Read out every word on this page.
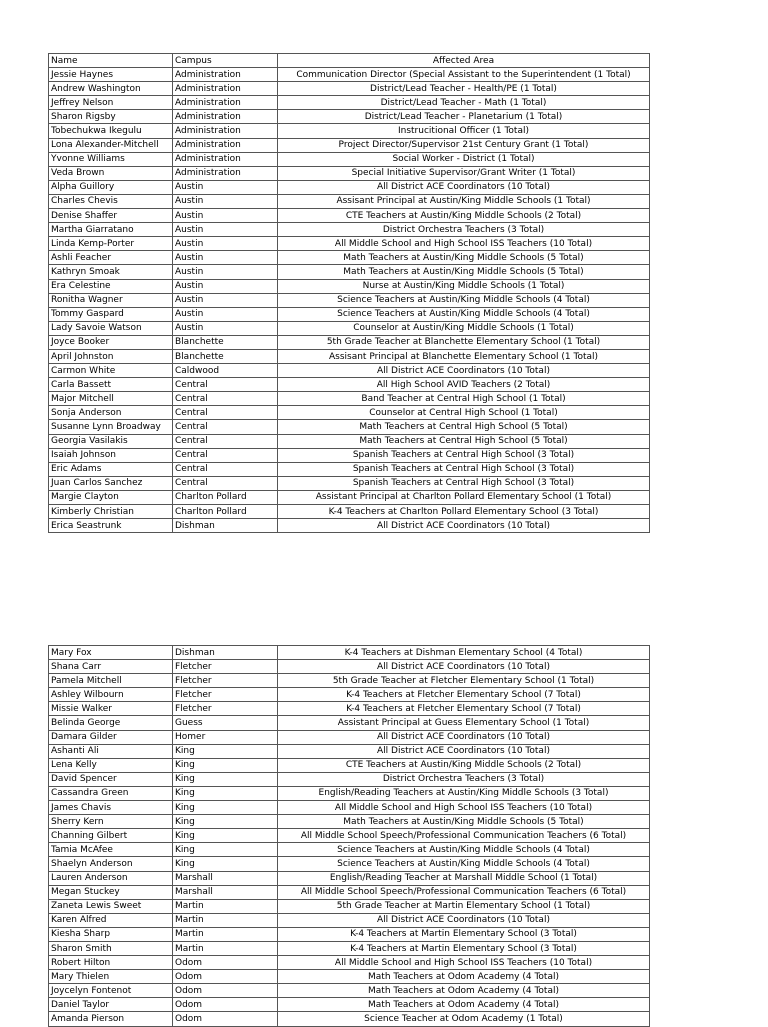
Name	Campus	Affected Area
Jessie Haynes	Administration	Communication Director (Special Assistant to the Superintendent (1 Total)
Andrew Washington	Administration	District/Lead Teacher - Health/PE (1 Total)
Jeffrey Nelson	Administration	District/Lead Teacher - Math (1 Total)
Sharon Rigsby	Administration	District/Lead Teacher - Planetarium (1 Total)
Tobechukwa Ikegulu	Administration	Instrucitional Officer (1 Total)
Lona Alexander-Mitchell	Administration	Project Director/Supervisor 21st Century Grant (1 Total)
Yvonne Williams	Administration	Social Worker - District (1 Total)
Veda Brown	Administration	Special Initiative Supervisor/Grant Writer (1 Total)
Alpha Guillory	Austin	All District ACE Coordinators (10 Total)
Charles Chevis	Austin	Assisant Principal at Austin/King Middle Schools (1 Total)
Denise Shaffer	Austin	CTE Teachers at Austin/King Middle Schools (2 Total)
Martha Giarratano	Austin	District Orchestra Teachers (3 Total)
Linda Kemp-Porter	Austin	All Middle School and High School ISS Teachers (10 Total)
Ashli Feacher	Austin	Math Teachers at Austin/King Middle Schools (5 Total)
Kathryn Smoak	Austin	Math Teachers at Austin/King Middle Schools (5 Total)
Era Celestine	Austin	Nurse at Austin/King Middle Schools (1 Total)
Ronitha Wagner	Austin	Science Teachers at Austin/King Middle Schools (4 Total)
Tommy Gaspard	Austin	Science Teachers at Austin/King Middle Schools (4 Total)
Lady Savoie Watson	Austin	Counselor at Austin/King Middle Schools (1 Total)
Joyce Booker	Blanchette	5th Grade Teacher at Blanchette Elementary School (1 Total)
April Johnston	Blanchette	Assisant Principal at Blanchette Elementary School (1 Total)
Carmon White	Caldwood	All District ACE Coordinators (10 Total)
Carla Bassett	Central	All High School AVID Teachers (2 Total)
Major Mitchell	Central	Band Teacher at Central High School (1 Total)
Sonja Anderson	Central	Counselor at Central High School (1 Total)
Susanne Lynn Broadway	Central	Math Teachers at Central High School (5 Total)
Georgia Vasilakis	Central	Math Teachers at Central High School (5 Total)
Isaiah Johnson	Central	Spanish Teachers at Central High School (3 Total)
Eric Adams	Central	Spanish Teachers at Central High School (3 Total)
Juan Carlos Sanchez	Central	Spanish Teachers at Central High School (3 Total)
Margie Clayton	Charlton Pollard	Assistant Principal at Charlton Pollard Elementary School (1 Total)
Kimberly Christian	Charlton Pollard	K-4 Teachers at Charlton Pollard Elementary School (3 Total)
Erica Seastrunk	Dishman	All District ACE Coordinators (10 Total)
Mary Fox	Dishman	K-4 Teachers at Dishman Elementary School (4 Total)
Shana Carr	Fletcher	All District ACE Coordinators (10 Total)
Pamela Mitchell	Fletcher	5th Grade Teacher at Fletcher Elementary School (1 Total)
Ashley Wilbourn	Fletcher	K-4 Teachers at Fletcher Elementary School (7 Total)
Missie Walker	Fletcher	K-4 Teachers at Fletcher Elementary School (7 Total)
Belinda George	Guess	Assistant Principal at Guess Elementary School (1 Total)
Damara Gilder	Homer	All District ACE Coordinators (10 Total)
Ashanti Ali	King	All District ACE Coordinators (10 Total)
Lena Kelly	King	CTE Teachers at Austin/King Middle Schools (2 Total)
David Spencer	King	District Orchestra Teachers (3 Total)
Cassandra Green	King	English/Reading Teachers at Austin/King Middle Schools (3 Total)
James Chavis	King	All Middle School and High School ISS Teachers (10 Total)
Sherry Kern	King	Math Teachers at Austin/King Middle Schools (5 Total)
Channing Gilbert	King	All Middle School Speech/Professional Communication Teachers (6 Total)
Tamia McAfee	King	Science Teachers at Austin/King Middle Schools (4 Total)
Shaelyn Anderson	King	Science Teachers at Austin/King Middle Schools (4 Total)
Lauren Anderson	Marshall	English/Reading Teacher at Marshall Middle School (1 Total)
Megan Stuckey	Marshall	All Middle School Speech/Professional Communication Teachers (6 Total)
Zaneta Lewis Sweet	Martin	5th Grade Teacher at Martin Elementary School (1 Total)
Karen Alfred	Martin	All District ACE Coordinators (10 Total)
Kiesha Sharp	Martin	K-4 Teachers at Martin Elementary School (3 Total)
Sharon Smith	Martin	K-4 Teachers at Martin Elementary School (3 Total)
Robert Hilton	Odom	All Middle School and High School ISS Teachers (10 Total)
Mary Thielen	Odom	Math Teachers at Odom Academy (4 Total)
Joycelyn Fontenot	Odom	Math Teachers at Odom Academy (4 Total)
Daniel Taylor	Odom	Math Teachers at Odom Academy (4 Total)
Amanda Pierson	Odom	Science Teacher at Odom Academy (1 Total)
